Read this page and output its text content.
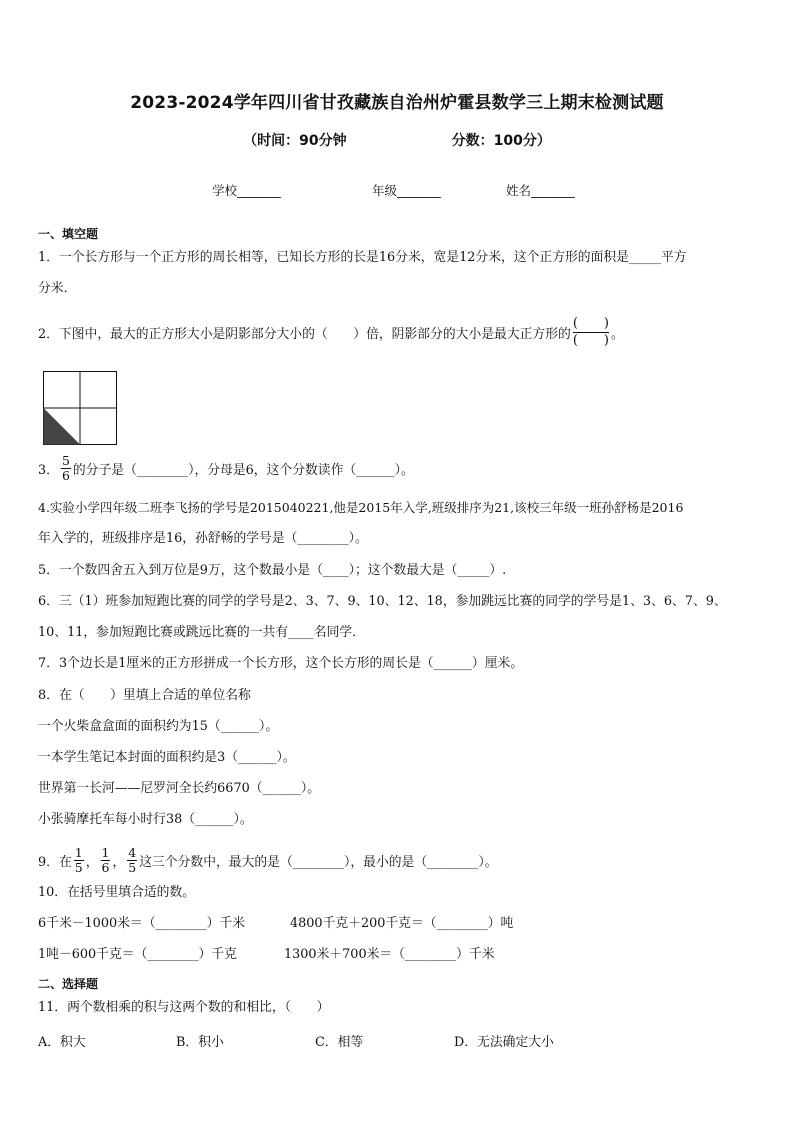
2023-2024学年四川省甘孜藏族自治州炉霍县数学三上期末检测试题
（时间：90分钟	分数：100分）
学校_______	年级_______	姓名_______
一、填空题
1．一个长方形与一个正方形的周长相等，已知长方形的长是16分米，宽是12分米，这个正方形的面积是_____平方
分米．
2．下图中，最大的正方形大小是阴影部分大小的（　　）倍，阴影部分的大小是最大正方形的 $\frac{( )}{( )}$ 。
3． $\frac{5}{6}$ 的分子是（________），分母是6，这个分数读作（______）。
4.实验小学四年级二班李飞扬的学号是2015040221,他是2015年入学,班级排序为21,该校三年级一班孙舒杨是2016
年入学的，班级排序是16，孙舒畅的学号是（________）。
5．一个数四舍五入到万位是9万，这个数最小是（____）；这个数最大是（_____）.
6．三（1）班参加短跑比赛的同学的学号是2、3、7、9、10、12、18，参加跳远比赛的同学的学号是1、3、6、7、9、
10、11，参加短跑比赛或跳远比赛的一共有____名同学．
7．3个边长是1厘米的正方形拼成一个长方形，这个长方形的周长是（______）厘米。
8．在（　　）里填上合适的单位名称
一个火柴盒盒面的面积约为15（______）。
一本学生笔记本封面的面积约是3（______）。
世界第一长河——尼罗河全长约6670（______）。
小张骑摩托车每小时行38（______）。
9．在 $\frac{1}{5}$ ， $\frac{1}{6}$ ， $\frac{4}{5}$ 这三个分数中，最大的是（________），最小的是（________）。
10．在括号里填合适的数。
6千米－1000米＝（________）千米	4800千克＋200千克＝（________）吨
1吨－600千克＝（________）千克	1300米＋700米＝（________）千米
二、选择题
11．两个数相乘的积与这两个数的和相比，（　　）
A．积大	B．积小	C．相等	D．无法确定大小
